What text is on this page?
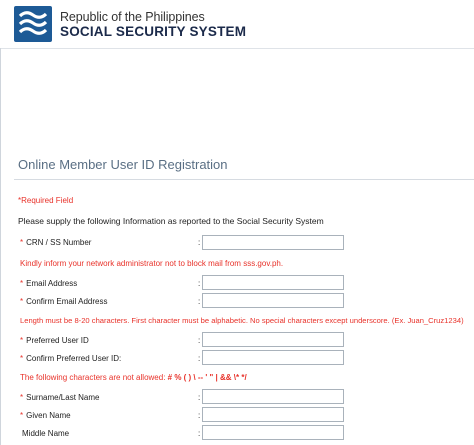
Republic of the Philippines
SOCIAL SECURITY SYSTEM
Online Member User ID Registration
*Required Field
Please supply the following Information as reported to the Social Security System
* CRN / SS Number	:
Kindly inform your network administrator not to block mail from sss.gov.ph.
* Email Address	:
* Confirm Email Address	:
Length must be 8-20 characters. First character must be alphabetic. No special characters except underscore. (Ex. Juan_Cruz1234)
* Preferred User ID	:
* Confirm Preferred User ID:	:
The following characters are not allowed: # % ( ) \ -- ' " | && \* */
* Surname/Last Name	:
* Given Name	:
Middle Name	:
